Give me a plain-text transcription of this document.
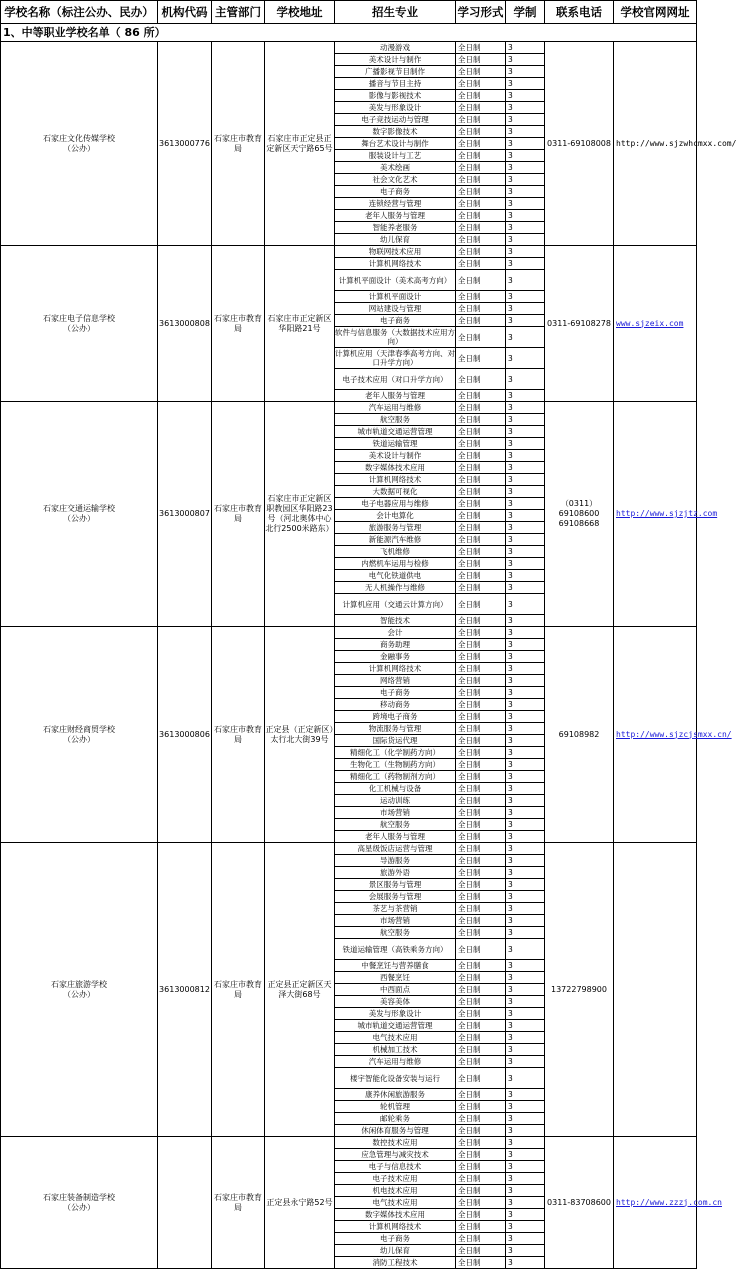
学校名称（标注公办、民办）	机构代码	主管部门	学校地址	招生专业	学习形式	学制	联系电话	学校官网网址
1、中等职业学校名单（ 86 所）								

石家庄文化传媒学校
（公办）	3613000776	石家庄市教育局	石家庄市正定县正定新区天宁路65号	动漫游戏	全日制	3	0311-69108008	http://www.sjzwhcmxx.com/
				美术设计与制作	全日制	3		
				广播影视节目制作	全日制	3		
				播音与节目主持	全日制	3		
				影像与影视技术	全日制	3		
				美发与形象设计	全日制	3		
				电子竞技运动与管理	全日制	3		
				数字影像技术	全日制	3		
				舞台艺术设计与制作	全日制	3		
				服装设计与工艺	全日制	3		
				美术绘画	全日制	3		
				社会文化艺术	全日制	3		
				电子商务	全日制	3		
				连锁经营与管理	全日制	3		
				老年人服务与管理	全日制	3		
				智能养老服务	全日制	3		
				幼儿保育	全日制	3		

石家庄电子信息学校
（公办）	3613000808	石家庄市教育局	石家庄市正定新区华阳路21号	物联网技术应用	全日制	3	0311-69108278	www.sjzeix.com
				计算机网络技术	全日制	3		
				计算机平面设计（美术高考方向）	全日制	3		
				计算机平面设计	全日制	3		
				网站建设与管理	全日制	3		
				电子商务	全日制	3		
				软件与信息服务（大数据技术应用方向）	全日制	3		
				计算机应用（天津春季高考方向、对口升学方向）	全日制	3		
				电子技术应用（对口升学方向）	全日制	3		
				老年人服务与管理	全日制	3		

石家庄交通运输学校
（公办）	3613000807	石家庄市教育局	石家庄市正定新区职教园区华阳路23号（河北奥体中心北行2500米路东）	汽车运用与维修	全日制	3	（0311）69108600 69108668	http://www.sjzjtz.com
				航空服务	全日制	3		
				城市轨道交通运营管理	全日制	3		
				铁道运输管理	全日制	3		
				美术设计与制作	全日制	3		
				数字媒体技术应用	全日制	3		
				计算机网络技术	全日制	3		
				大数据可视化	全日制	3		
				电子电器应用与维修	全日制	3		
				会计电算化	全日制	3		
				旅游服务与管理	全日制	3		
				新能源汽车维修	全日制	3		
				飞机维修	全日制	3		
				内燃机车运用与检修	全日制	3		
				电气化铁道供电	全日制	3		
				无人机操作与维修	全日制	3		
				计算机应用（交通云计算方向）	全日制	3		
				智能技术	全日制	3		

石家庄财经商贸学校
（公办）	3613000806	石家庄市教育局	正定县（正定新区）太行北大街39号	会计	全日制	3	69108982	http://www.sjzcjsmxx.cn/
				商务助理	全日制	3		
				金融事务	全日制	3		
				计算机网络技术	全日制	3		
				网络营销	全日制	3		
				电子商务	全日制	3		
				移动商务	全日制	3		
				跨境电子商务	全日制	3		
				物流服务与管理	全日制	3		
				国际货运代理	全日制	3		
				精细化工（化学制药方向）	全日制	3		
				生物化工（生物制药方向）	全日制	3		
				精细化工（药物制剂方向）	全日制	3		
				化工机械与设备	全日制	3		
				运动训练	全日制	3		
				市场营销	全日制	3		
				航空服务	全日制	3		
				老年人服务与管理	全日制	3		

石家庄旅游学校
（公办）	3613000812	石家庄市教育局	正定县正定新区天泽大街68号	高星级饭店运营与管理	全日制	3	13722798900	
				导游服务	全日制	3		
				旅游外语	全日制	3		
				景区服务与管理	全日制	3		
				会展服务与管理	全日制	3		
				茶艺与茶营销	全日制	3		
				市场营销	全日制	3		
				航空服务	全日制	3		
				铁道运输管理（高铁乘务方向）	全日制	3		
				中餐烹饪与营养膳食	全日制	3		
				西餐烹饪	全日制	3		
				中西面点	全日制	3		
				美容美体	全日制	3		
				美发与形象设计	全日制	3		
				城市轨道交通运营管理	全日制	3		
				电气技术应用	全日制	3		
				机械加工技术	全日制	3		
				汽车运用与维修	全日制	3		
				楼宇智能化设备安装与运行	全日制	3		
				康养休闲旅游服务	全日制	3		
				轮机管理	全日制	3		
				邮轮乘务	全日制	3		
				休闲体育服务与管理	全日制	3		

石家庄装备制造学校
（公办）		石家庄市教育局	正定县永宁路52号	数控技术应用	全日制	3	0311-83708600	http://www.zzzj.com.cn
				应急管理与减灾技术	全日制	3		
				电子与信息技术	全日制	3		
				电子技术应用	全日制	3		
				机电技术应用	全日制	3		
				电气技术应用	全日制	3		
				数字媒体技术应用	全日制	3		
				计算机网络技术	全日制	3		
				电子商务	全日制	3		
				幼儿保育	全日制	3		
				消防工程技术	全日制	3		
